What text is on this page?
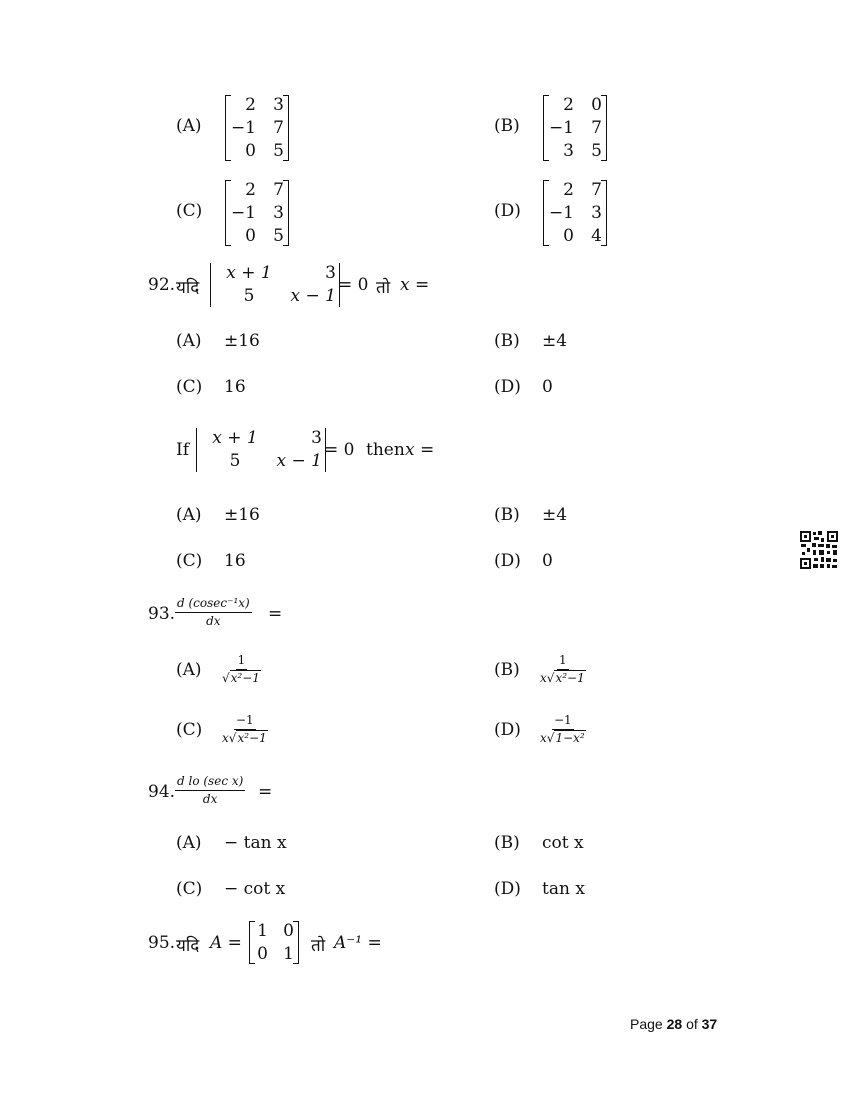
(A)
2	3
−1	7
0	5
(B)
2	0
−1	7
3	5
(C)
2	7
−1	3
0	5
(D)
2	7
−1	3
0	4
92. यदि
x + 1	3
5	x − 1
= 0 तो x =
(A) ±16	(B) ±4
(C) 16	(D) 0
If
x + 1	3
5	x − 1
= 0 then x =
(A) ±16	(B) ±4
(C) 16	(D) 0
93. $\frac{\text{d (cosec⁻¹x)}}{dx}$ =
$(A) \frac{1}{\text{√x²−1}}$	$(B) \frac{1}{\text{x√x²−1}}$
$(C) \frac{-1}{\text{x√x²−1}}$	$(D) \frac{-1}{\text{x√1−x²}}$
94.
d lo (sec x)
dx =
(A) − tan x	(B) cot x
(C) − cot x	(D) tan x
95. यदि A =
1 0
0 1 तो A⁻¹ =
Page 28 of 37
